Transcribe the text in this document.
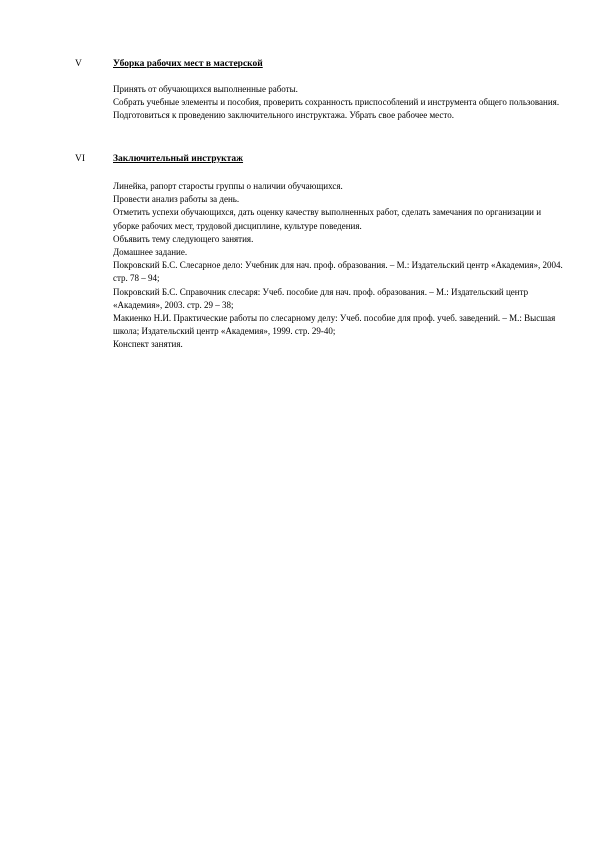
V	Уборка рабочих мест в мастерской

Принять от обучающихся выполненные работы.

Собрать учебные элементы и пособия, проверить сохранность приспособлений и инструмента общего пользования. Подготовиться к проведению заключительного инструктажа. Убрать свое рабочее место.

VI	Заключительный инструктаж

Линейка, рапорт старосты группы о наличии обучающихся.

Провести анализ работы за день.

Отметить успехи обучающихся, дать оценку качеству выполненных работ, сделать замечания по организации и уборке рабочих мест, трудовой дисциплине, культуре поведения.

Объявить тему следующего занятия.

Домашнее задание.

Покровский Б.С. Слесарное дело: Учебник для нач. проф. образования. – М.: Издательский центр «Академия», 2004. стр. 78 – 94;

Покровский Б.С. Справочник слесаря: Учеб. пособие для нач. проф. образования. – М.: Издательский центр «Академия», 2003. стр. 29 – 38;

Макиенко Н.И. Практические работы по слесарному делу: Учеб. пособие для проф. учеб. заведений. – М.: Высшая школа; Издательский центр «Академия», 1999. стр. 29-40;

Конспект занятия.
